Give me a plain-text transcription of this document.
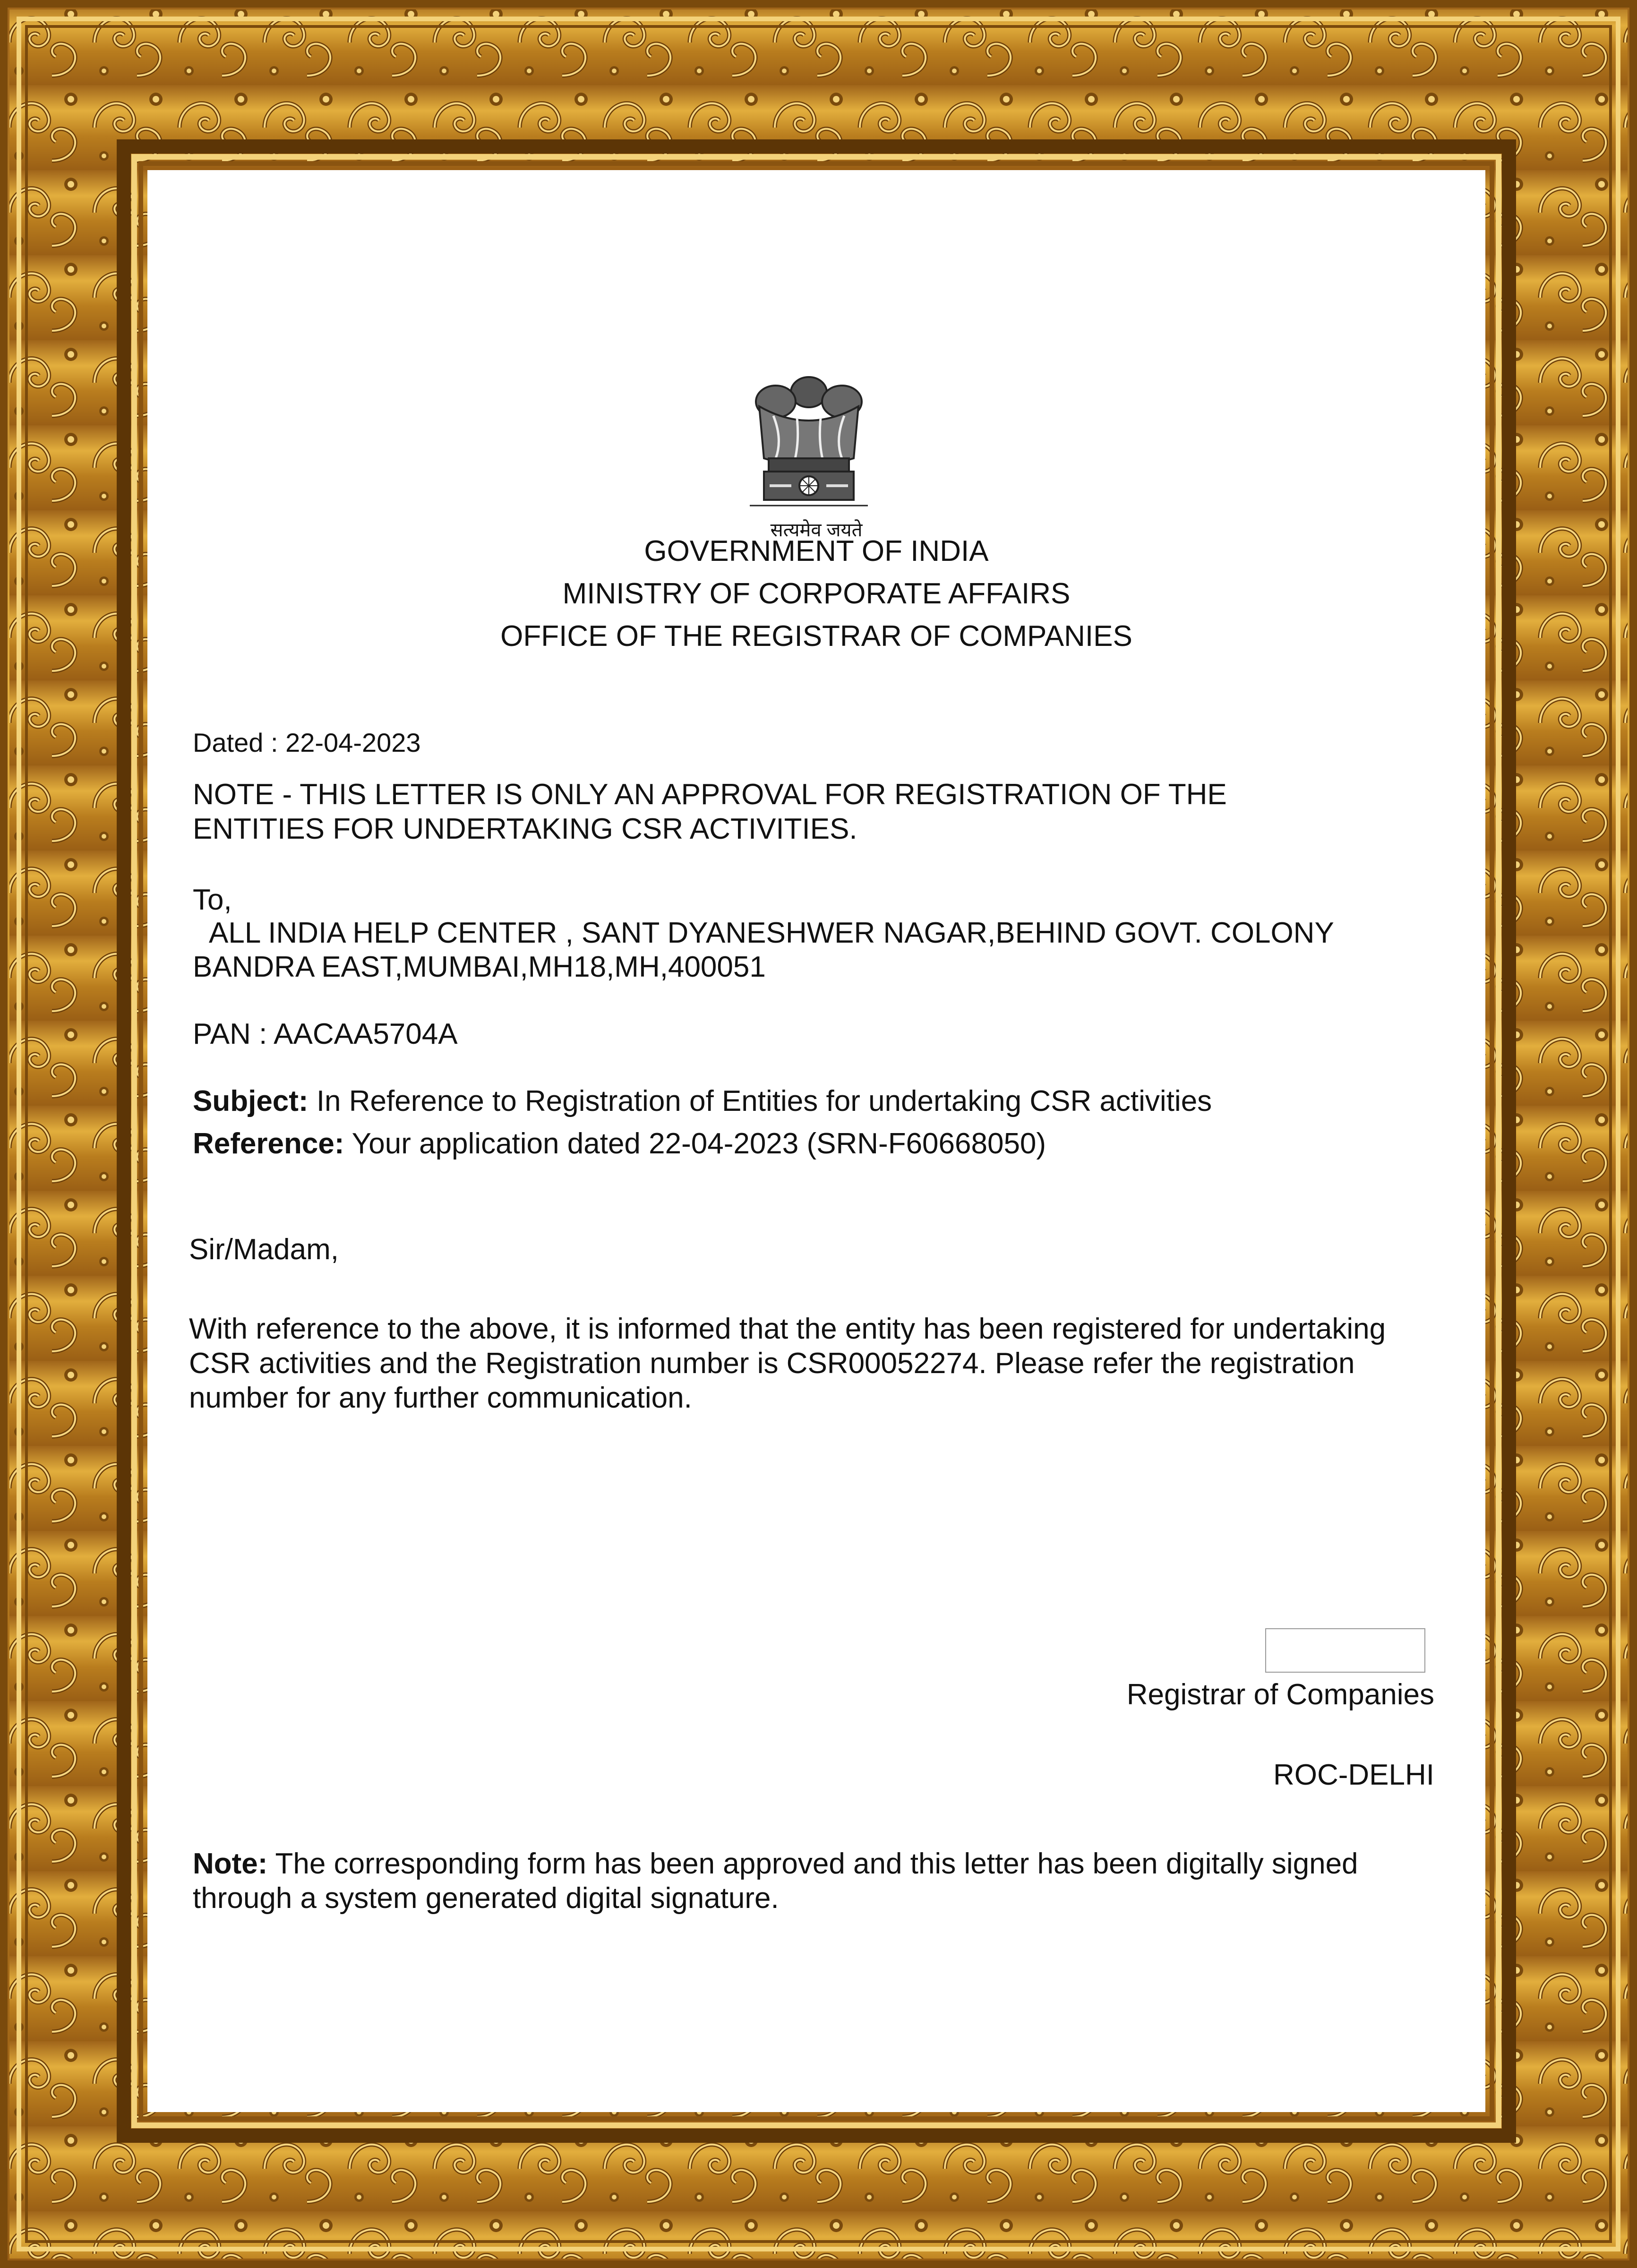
सत्यमेव जयते
GOVERNMENT OF INDIA
MINISTRY OF CORPORATE AFFAIRS
OFFICE OF THE REGISTRAR OF COMPANIES
Dated : 22-04-2023
NOTE - THIS LETTER IS ONLY AN APPROVAL FOR REGISTRATION OF THE
ENTITIES FOR UNDERTAKING CSR ACTIVITIES.
To,
ALL INDIA HELP CENTER , SANT DYANESHWER NAGAR,BEHIND GOVT. COLONY
BANDRA EAST,MUMBAI,MH18,MH,400051
PAN : AACAA5704A
Subject: In Reference to Registration of Entities for undertaking CSR activities
Reference: Your application dated 22-04-2023 (SRN-F60668050)
Sir/Madam,
With reference to the above, it is informed that the entity has been registered for undertaking
CSR activities and the Registration number is CSR00052274. Please refer the registration
number for any further communication.
Registrar of Companies
ROC-DELHI
Note: The corresponding form has been approved and this letter has been digitally signed
through a system generated digital signature.
